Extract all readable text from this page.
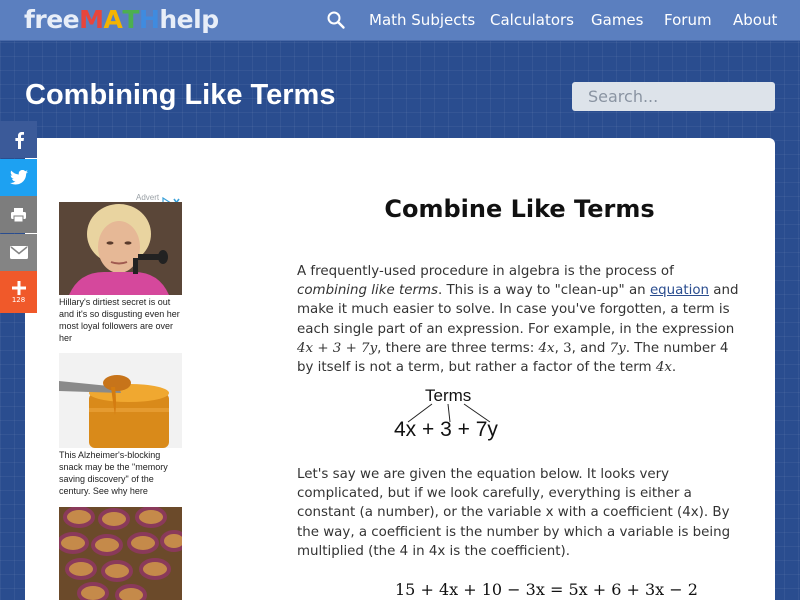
freeMATHhelp	Math Subjects Calculators Games Forum About
Combining Like Terms	Search...
128
Advert

Hillary's dirtiest secret is out and it's so disgusting even her most loyal followers are over her

This Alzheimer's-blocking snack may be the "memory saving discovery" of the century. See why here

Combine Like Terms

A frequently-used procedure in algebra is the process of combining like terms. This is a way to "clean-up" an equation and make it much easier to solve. In case you've forgotten, a term is each single part of an expression. For example, in the expression 4x + 3 + 7y, there are three terms: 4x, 3, and 7y. The number 4 by itself is not a term, but rather a factor of the term 4x.

Terms
4x + 3 + 7y

Let's say we are given the equation below. It looks very complicated, but if we look carefully, everything is either a constant (a number), or the variable x with a coefficient (4x). By the way, a coefficient is the number by which a variable is being multiplied (the 4 in 4x is the coefficient).

15 + 4x + 10 − 3x = 5x + 6 + 3x − 2
